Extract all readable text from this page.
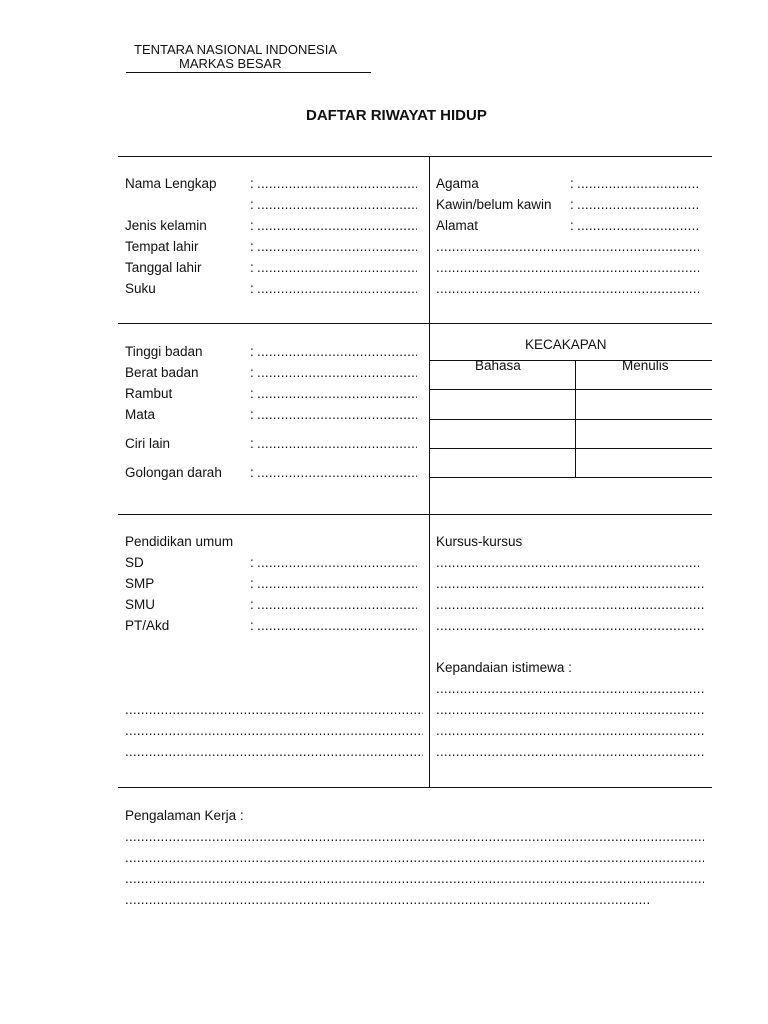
TENTARA NASIONAL INDONESIA
MARKAS BESAR
DAFTAR RIWAYAT HIDUP
Nama Lengkap :
.....
:
.....
Jenis kelamin	:
.....
Tempat lahir	:
.....
Tanggal lahir	:
.....
Suku	:
.....
Agama	:
.....
Kawin/belum kawin :
.....
Alamat	:
.....
.....
.....
.....
Tinggi badan	:
.....
Berat badan	:
.....
Rambut	:
.....
Mata	:
.....
Ciri lain	:
.....
Golongan darah :
.....
KECAKAPAN
Bahasa	Menulis
Pendidikan umum
SD	:
.....
SMP	:
.....
SMU	:
.....
PT/Akd	:
.....
.....
.....
.....
Kursus-kursus
.....
.....
.....
.....
Kepandaian istimewa :
.....
.....
.....
.....
Pengalaman Kerja :
.....
.....
.....
.....
